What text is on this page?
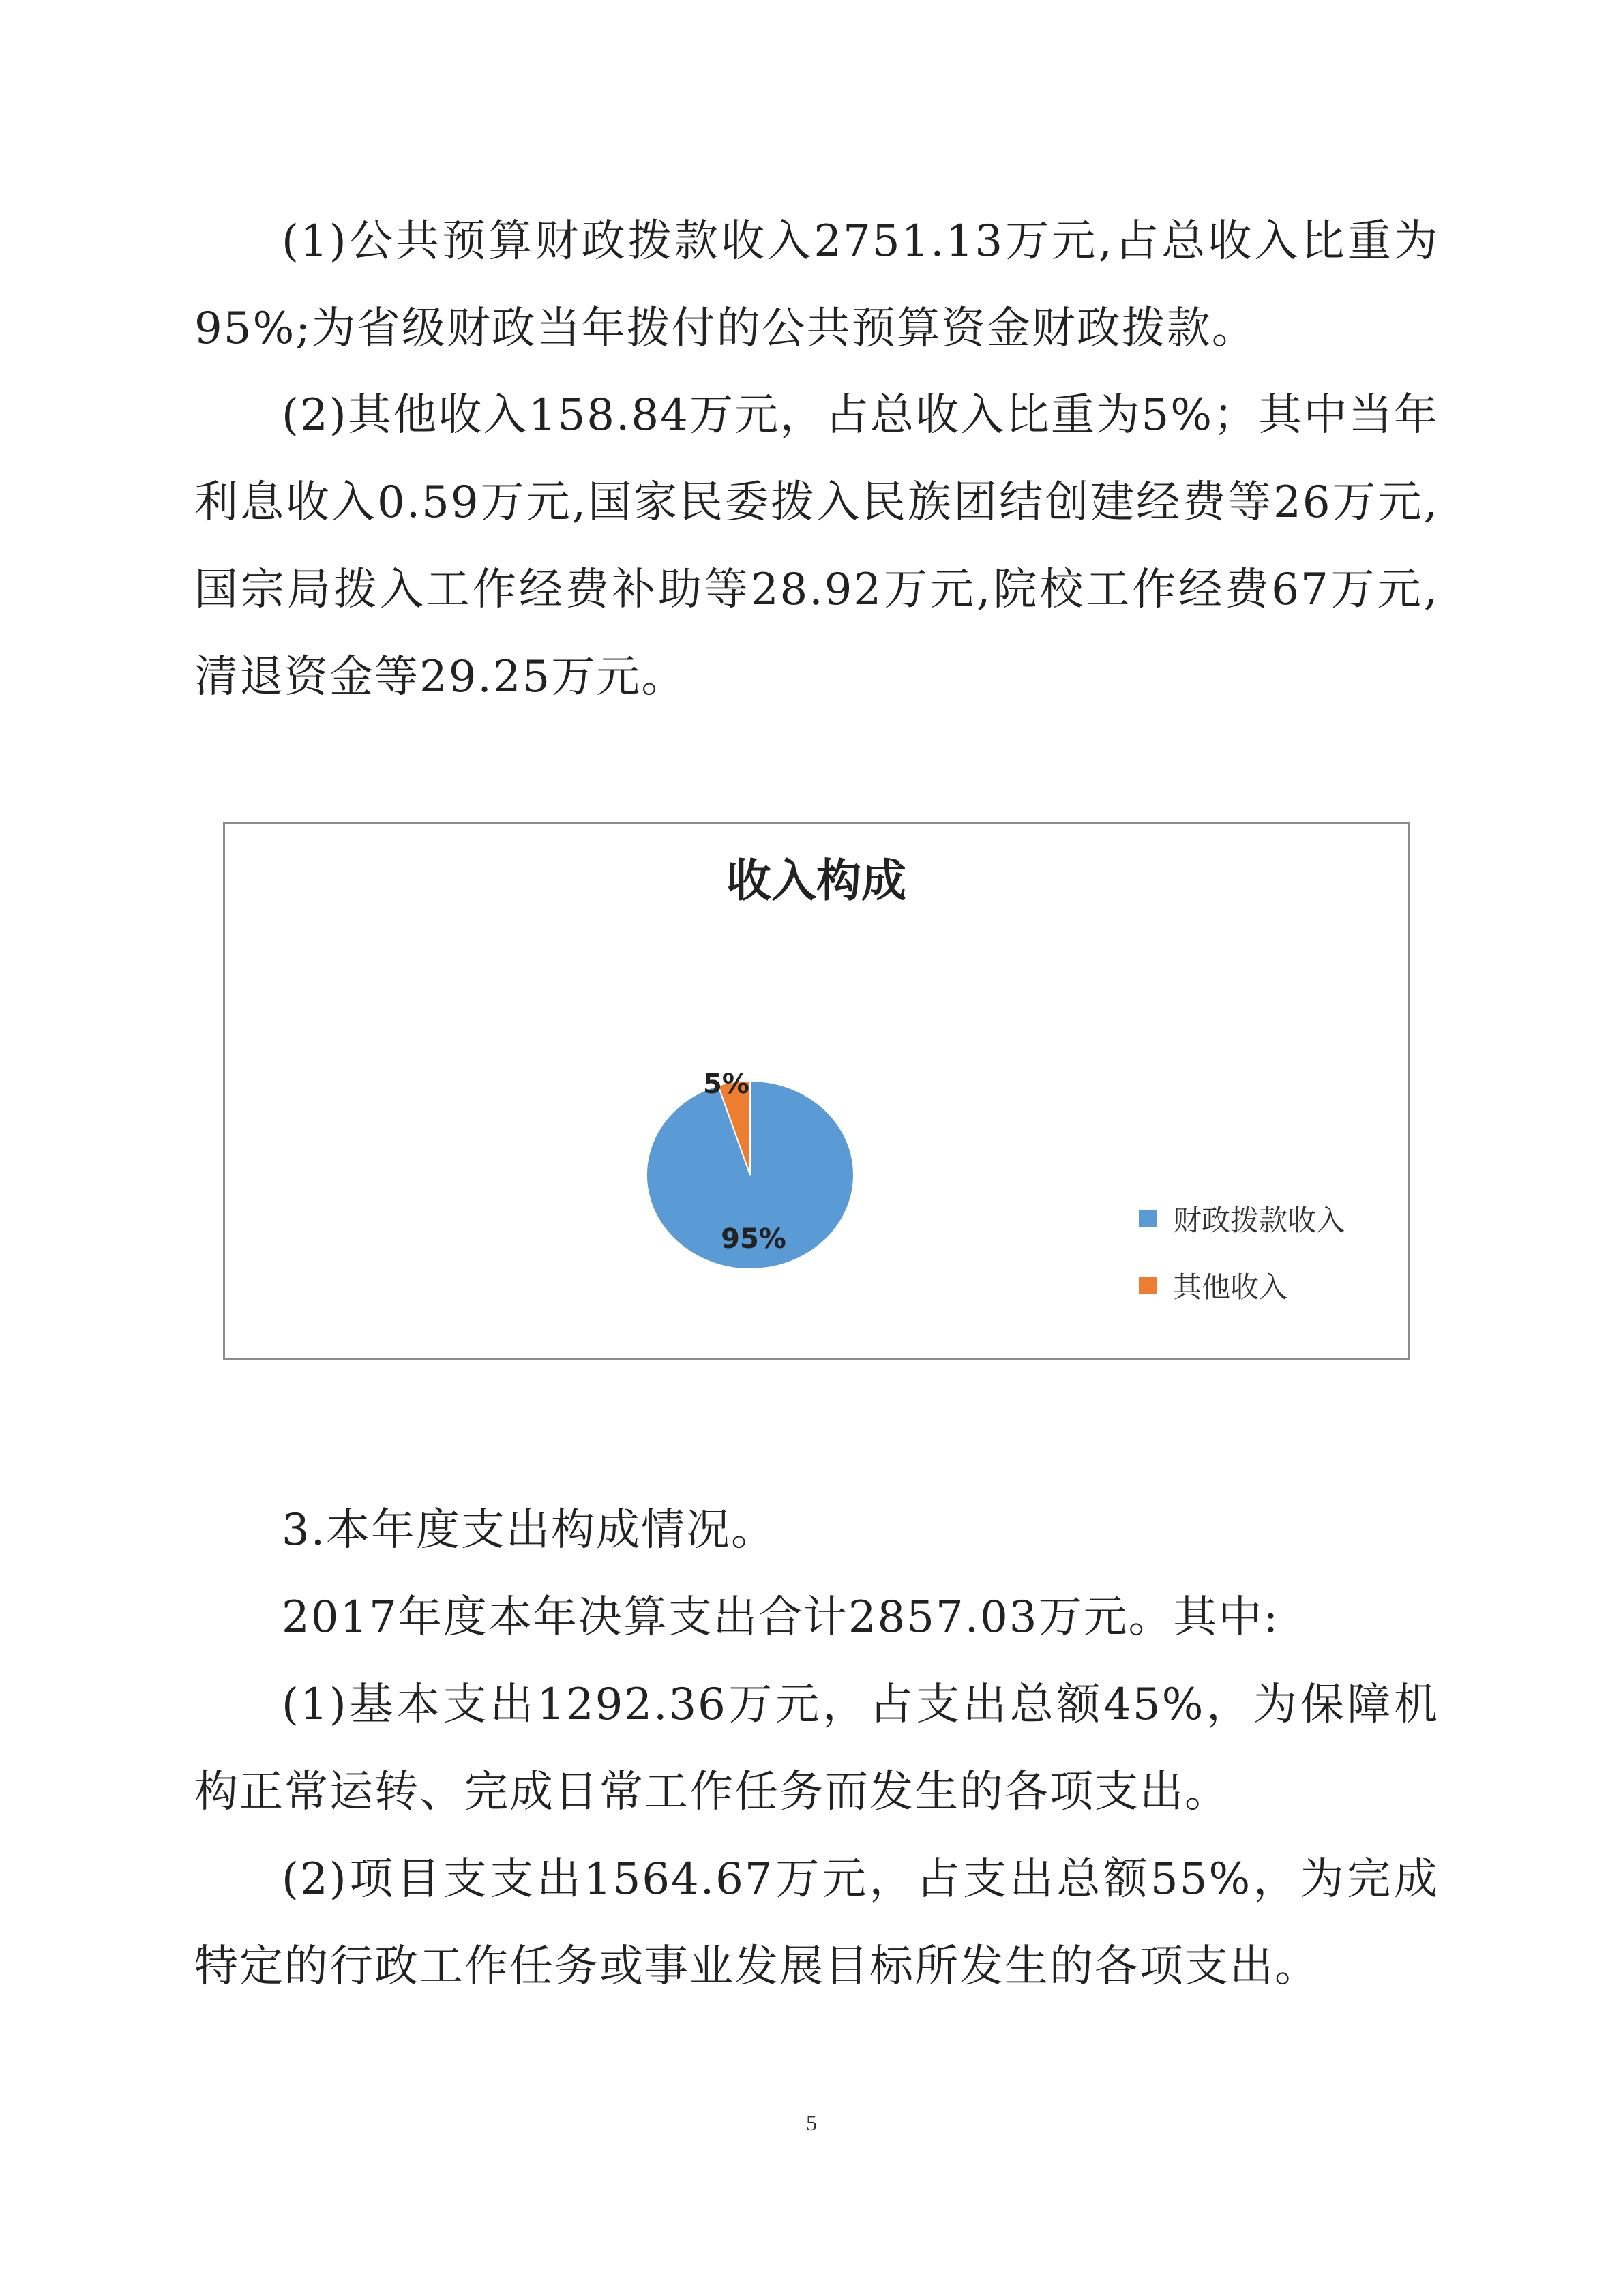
(1)公共预算财政拨款收入2751.13万元,占总收入比重为95%;为省级财政当年拨付的公共预算资金财政拨款。

(2)其他收入158.84万元，占总收入比重为5%；其中当年利息收入0.59万元,国家民委拨入民族团结创建经费等26万元,国宗局拨入工作经费补助等28.92万元,院校工作经费67万元,清退资金等29.25万元。

收入构成
95%
5%
财政拨款收入
其他收入

3.本年度支出构成情况。

2017年度本年决算支出合计2857.03万元。其中:

(1)基本支出1292.36万元，占支出总额45%，为保障机构正常运转、完成日常工作任务而发生的各项支出。

(2)项目支支出1564.67万元，占支出总额55%，为完成特定的行政工作任务或事业发展目标所发生的各项支出。

5
